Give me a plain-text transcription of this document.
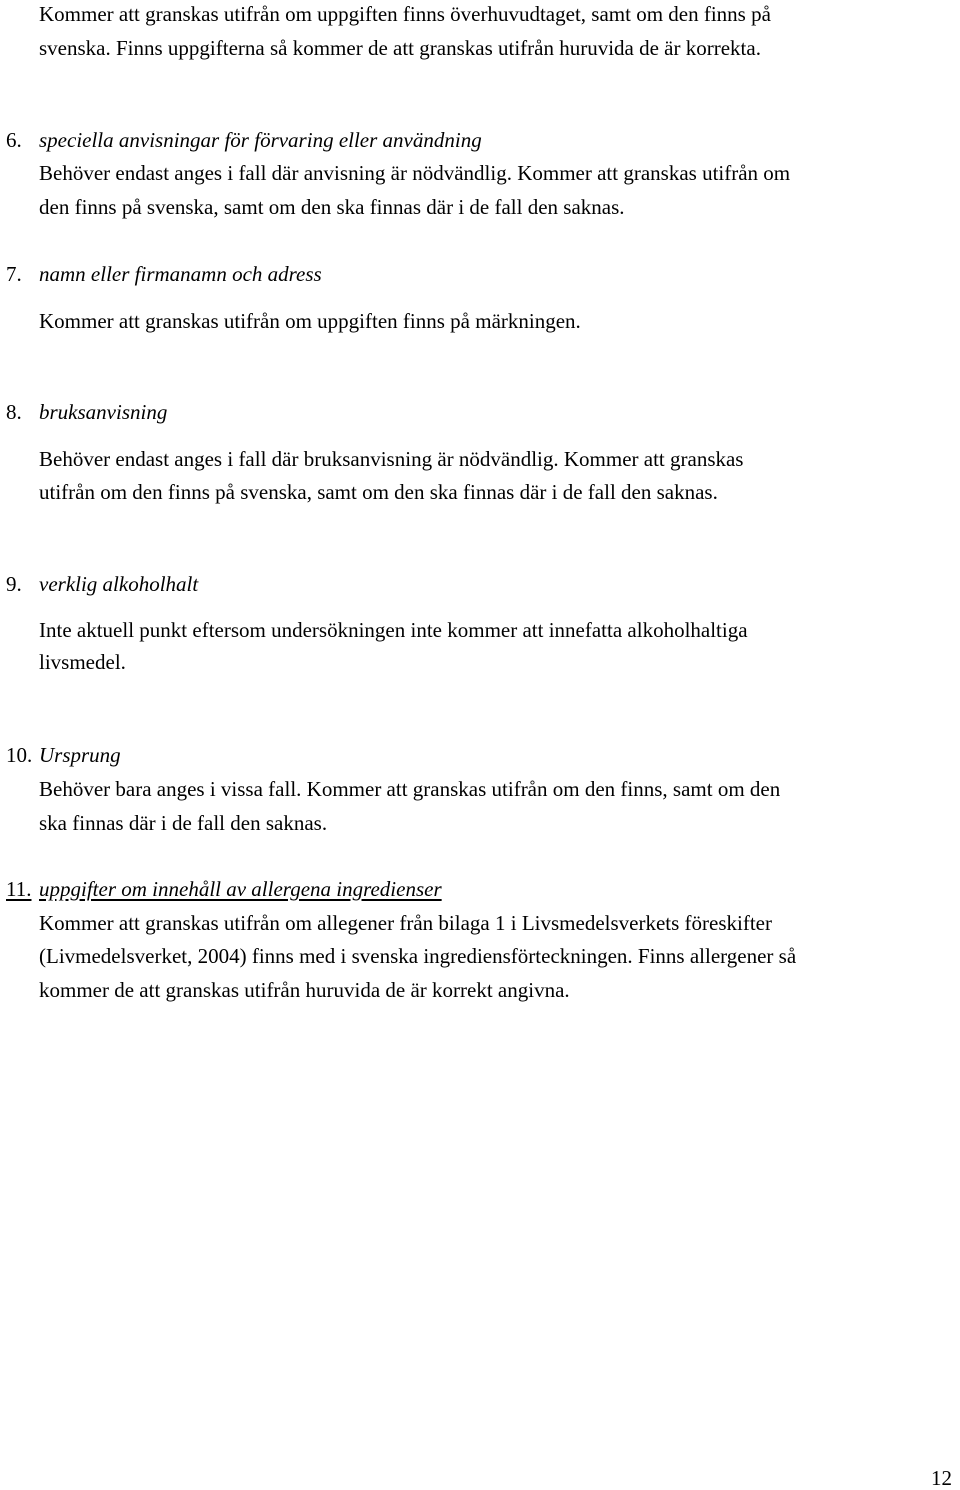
Kommer att granskas utifrån om uppgiften finns överhuvudtaget, samt om den finns på
svenska. Finns uppgifterna så kommer de att granskas utifrån huruvida de är korrekta.
6. speciella anvisningar för förvaring eller användning
Behöver endast anges i fall där anvisning är nödvändlig. Kommer att granskas utifrån om
den finns på svenska, samt om den ska finnas där i de fall den saknas.
7. namn eller firmanamn och adress
Kommer att granskas utifrån om uppgiften finns på märkningen.
8. bruksanvisning
Behöver endast anges i fall där bruksanvisning är nödvändlig. Kommer att granskas
utifrån om den finns på svenska, samt om den ska finnas där i de fall den saknas.
9. verklig alkoholhalt
Inte aktuell punkt eftersom undersökningen inte kommer att innefatta alkoholhaltiga
livsmedel.
10. Ursprung
Behöver bara anges i vissa fall. Kommer att granskas utifrån om den finns, samt om den
ska finnas där i de fall den saknas.
11. uppgifter om innehåll av allergena ingredienser
Kommer att granskas utifrån om allegener från bilaga 1 i Livsmedelsverkets föreskifter
(Livmedelsverket, 2004) finns med i svenska ingrediensförteckningen. Finns allergener så
kommer de att granskas utifrån huruvida de är korrekt angivna.
12
